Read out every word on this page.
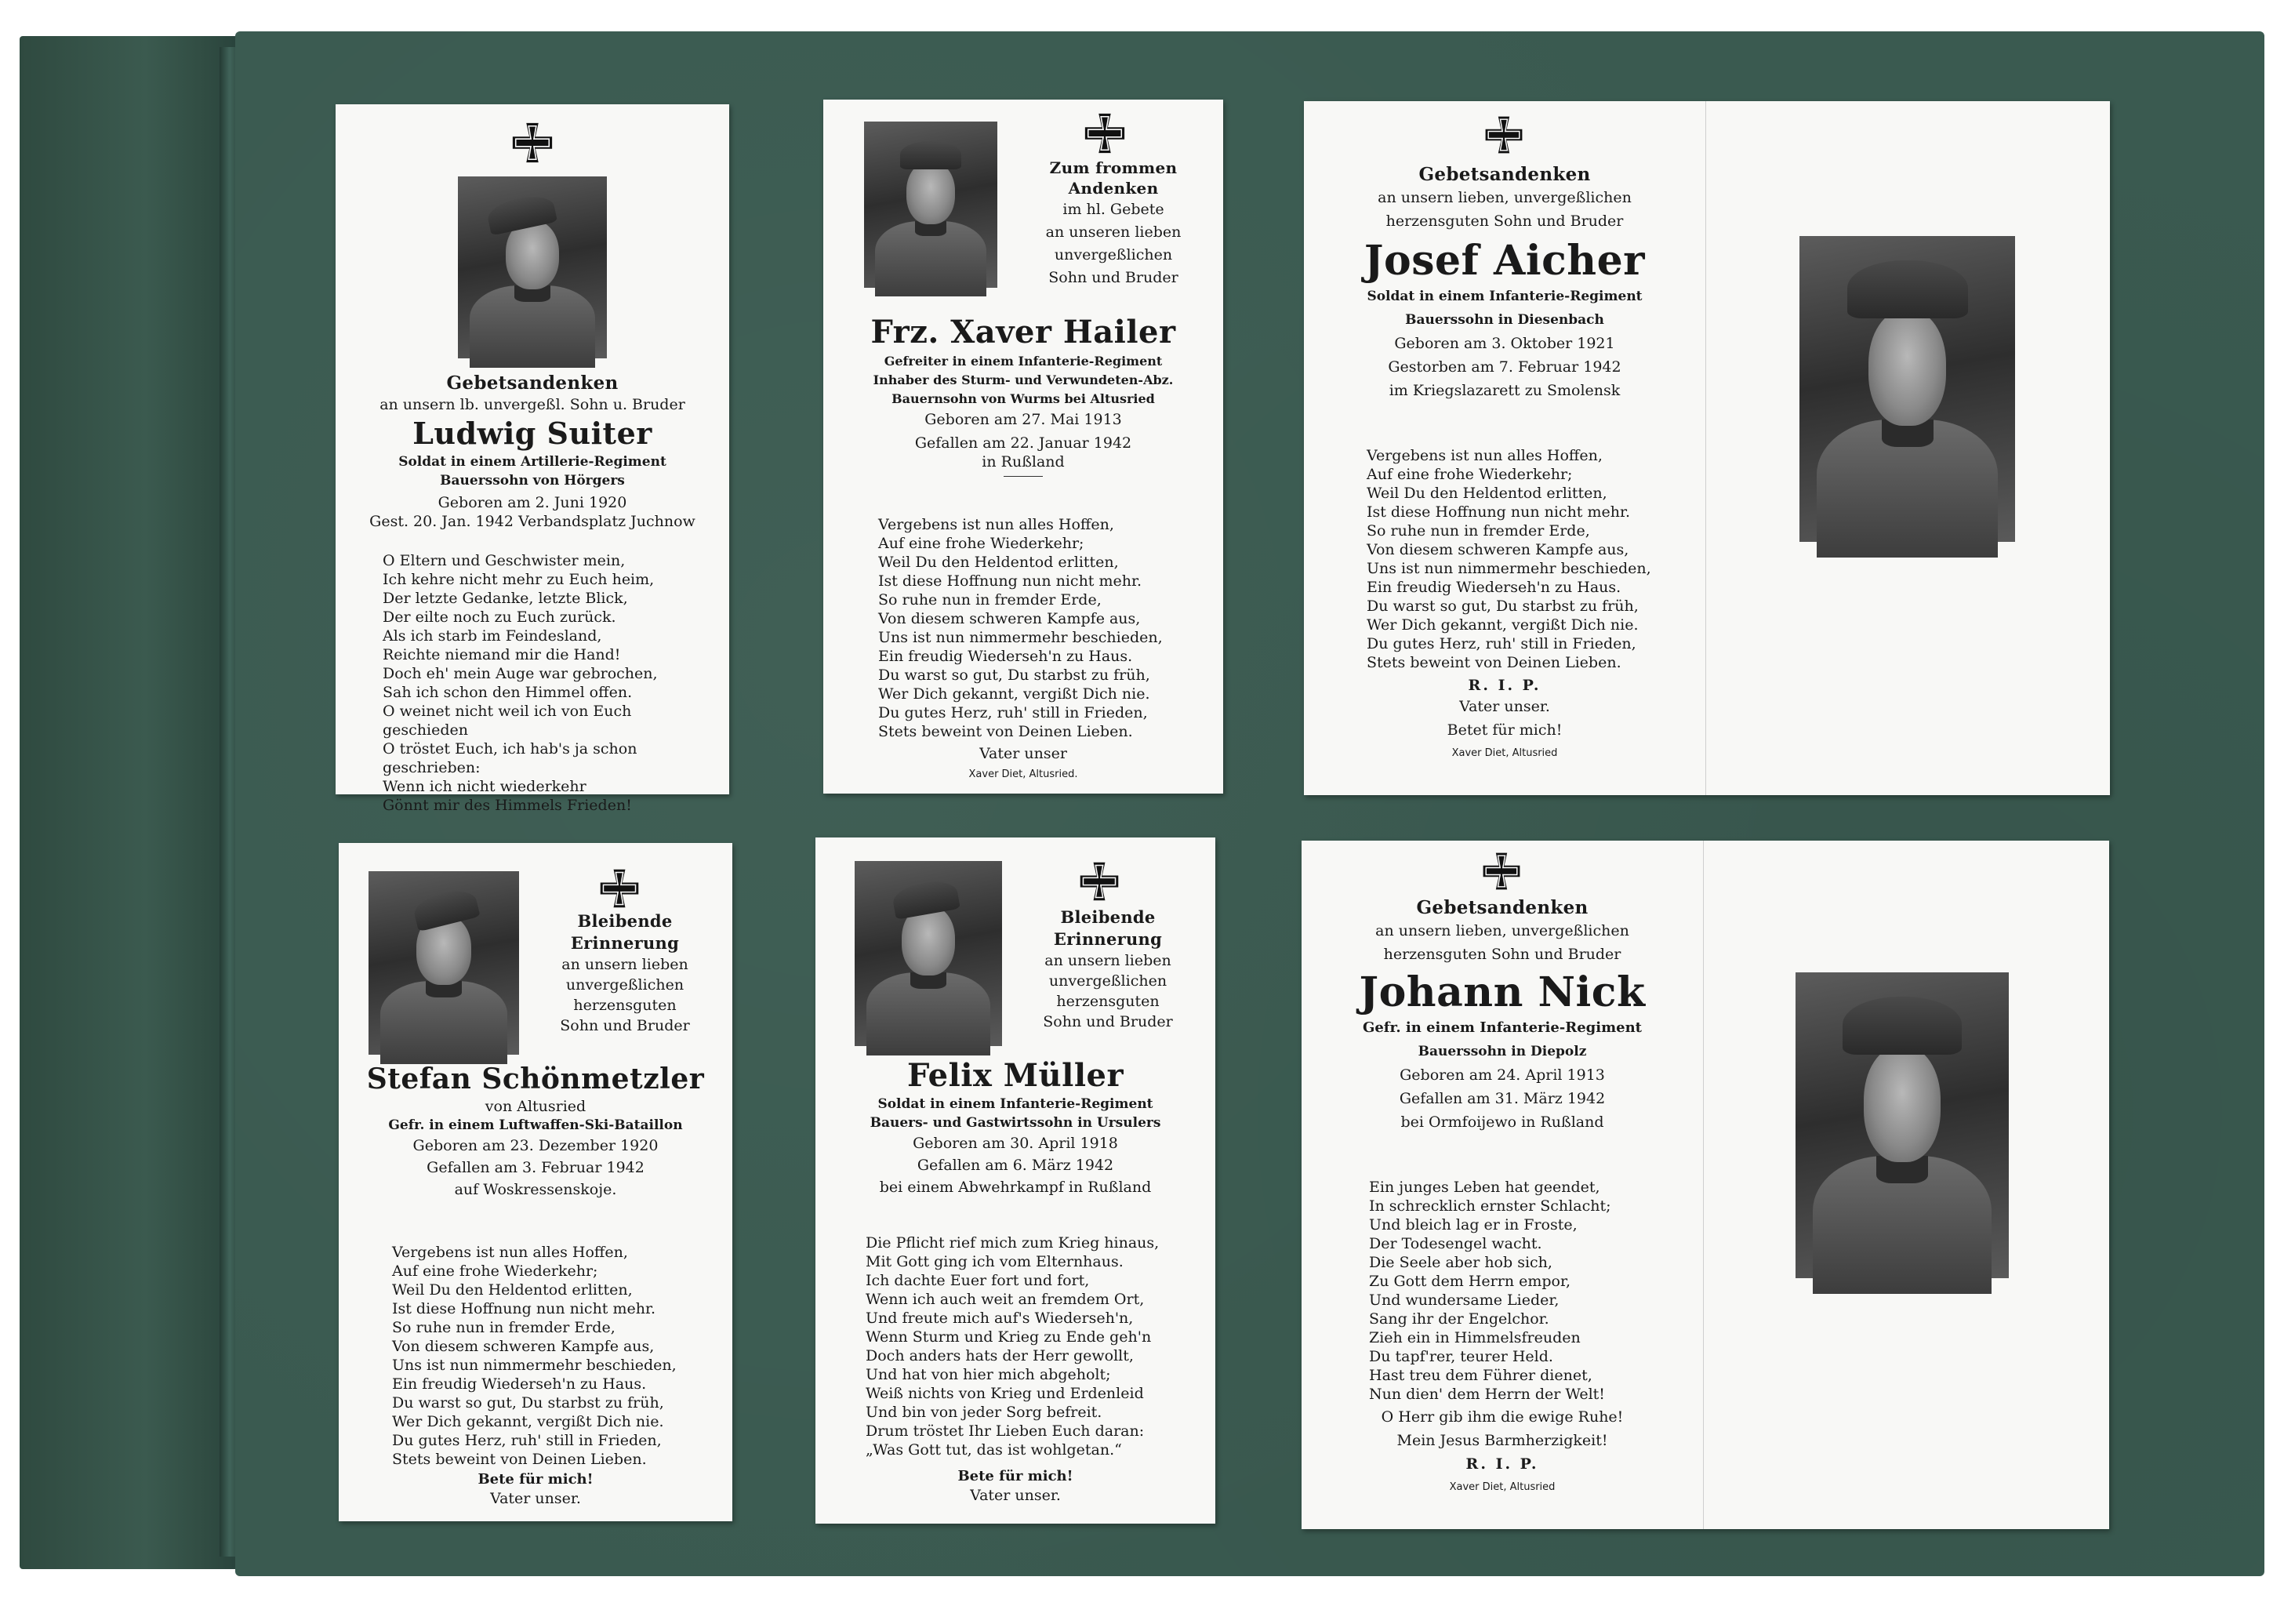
Gebetsandenken
an unsern lb. unvergeßl. Sohn u. Bruder
Ludwig Suiter
Soldat in einem Artillerie-Regiment
Bauerssohn von Hörgers
Geboren am 2. Juni 1920
Gest. 20. Jan. 1942 Verbandsplatz Juchnow
O Eltern und Geschwister mein,
Ich kehre nicht mehr zu Euch heim,
Der letzte Gedanke, letzte Blick,
Der eilte noch zu Euch zurück.
Als ich starb im Feindesland,
Reichte niemand mir die Hand!
Doch eh' mein Auge war gebrochen,
Sah ich schon den Himmel offen.
O weinet nicht weil ich von Euch geschieden
O tröstet Euch, ich hab's ja schon geschrieben:
Wenn ich nicht wiederkehr
Gönnt mir des Himmels Frieden!
Zum frommen
Andenken
im hl. Gebete
an unseren lieben
unvergeßlichen
Sohn und Bruder
Frz. Xaver Hailer
Gefreiter in einem Infanterie-Regiment
Inhaber des Sturm- und Verwundeten-Abz.
Bauernsohn von Wurms bei Altusried
Geboren am 27. Mai 1913
Gefallen am 22. Januar 1942
in Rußland
Vergebens ist nun alles Hoffen,
Auf eine frohe Wiederkehr;
Weil Du den Heldentod erlitten,
Ist diese Hoffnung nun nicht mehr.
So ruhe nun in fremder Erde,
Von diesem schweren Kampfe aus,
Uns ist nun nimmermehr beschieden,
Ein freudig Wiederseh'n zu Haus.
Du warst so gut, Du starbst zu früh,
Wer Dich gekannt, vergißt Dich nie.
Du gutes Herz, ruh' still in Frieden,
Stets beweint von Deinen Lieben.
Vater unser
Xaver Diet, Altusried.
Gebetsandenken
an unsern lieben, unvergeßlichen
herzensguten Sohn und Bruder
Josef Aicher
Soldat in einem Infanterie-Regiment
Bauerssohn in Diesenbach
Geboren am 3. Oktober 1921
Gestorben am 7. Februar 1942
im Kriegslazarett zu Smolensk
Vergebens ist nun alles Hoffen,
Auf eine frohe Wiederkehr;
Weil Du den Heldentod erlitten,
Ist diese Hoffnung nun nicht mehr.
So ruhe nun in fremder Erde,
Von diesem schweren Kampfe aus,
Uns ist nun nimmermehr beschieden,
Ein freudig Wiederseh'n zu Haus.
Du warst so gut, Du starbst zu früh,
Wer Dich gekannt, vergißt Dich nie.
Du gutes Herz, ruh' still in Frieden,
Stets beweint von Deinen Lieben.
R. I. P.
Vater unser.
Betet für mich!
Xaver Diet, Altusried
Bleibende
Erinnerung
an unsern lieben
unvergeßlichen
herzensguten
Sohn und Bruder
Stefan Schönmetzler
von Altusried
Gefr. in einem Luftwaffen-Ski-Bataillon
Geboren am 23. Dezember 1920
Gefallen am 3. Februar 1942
auf Woskressenskoje.
Vergebens ist nun alles Hoffen,
Auf eine frohe Wiederkehr;
Weil Du den Heldentod erlitten,
Ist diese Hoffnung nun nicht mehr.
So ruhe nun in fremder Erde,
Von diesem schweren Kampfe aus,
Uns ist nun nimmermehr beschieden,
Ein freudig Wiederseh'n zu Haus.
Du warst so gut, Du starbst zu früh,
Wer Dich gekannt, vergißt Dich nie.
Du gutes Herz, ruh' still in Frieden,
Stets beweint von Deinen Lieben.
Bete für mich!
Vater unser.
Bleibende
Erinnerung
an unsern lieben
unvergeßlichen
herzensguten
Sohn und Bruder
Felix Müller
Soldat in einem Infanterie-Regiment
Bauers- und Gastwirtssohn in Ursulers
Geboren am 30. April 1918
Gefallen am 6. März 1942
bei einem Abwehrkampf in Rußland
Die Pflicht rief mich zum Krieg hinaus,
Mit Gott ging ich vom Elternhaus.
Ich dachte Euer fort und fort,
Wenn ich auch weit an fremdem Ort,
Und freute mich auf's Wiederseh'n,
Wenn Sturm und Krieg zu Ende geh'n
Doch anders hats der Herr gewollt,
Und hat von hier mich abgeholt;
Weiß nichts von Krieg und Erdenleid
Und bin von jeder Sorg befreit.
Drum tröstet Ihr Lieben Euch daran:
„Was Gott tut, das ist wohlgetan.“
Bete für mich!
Vater unser.
Gebetsandenken
an unsern lieben, unvergeßlichen
herzensguten Sohn und Bruder
Johann Nick
Gefr. in einem Infanterie-Regiment
Bauerssohn in Diepolz
Geboren am 24. April 1913
Gefallen am 31. März 1942
bei Ormfoijewo in Rußland
Ein junges Leben hat geendet,
In schrecklich ernster Schlacht;
Und bleich lag er in Froste,
Der Todesengel wacht.
Die Seele aber hob sich,
Zu Gott dem Herrn empor,
Und wundersame Lieder,
Sang ihr der Engelchor.
Zieh ein in Himmelsfreuden
Du tapf'rer, teurer Held.
Hast treu dem Führer dienet,
Nun dien' dem Herrn der Welt!
O Herr gib ihm die ewige Ruhe!
Mein Jesus Barmherzigkeit!
R. I. P.
Xaver Diet, Altusried
